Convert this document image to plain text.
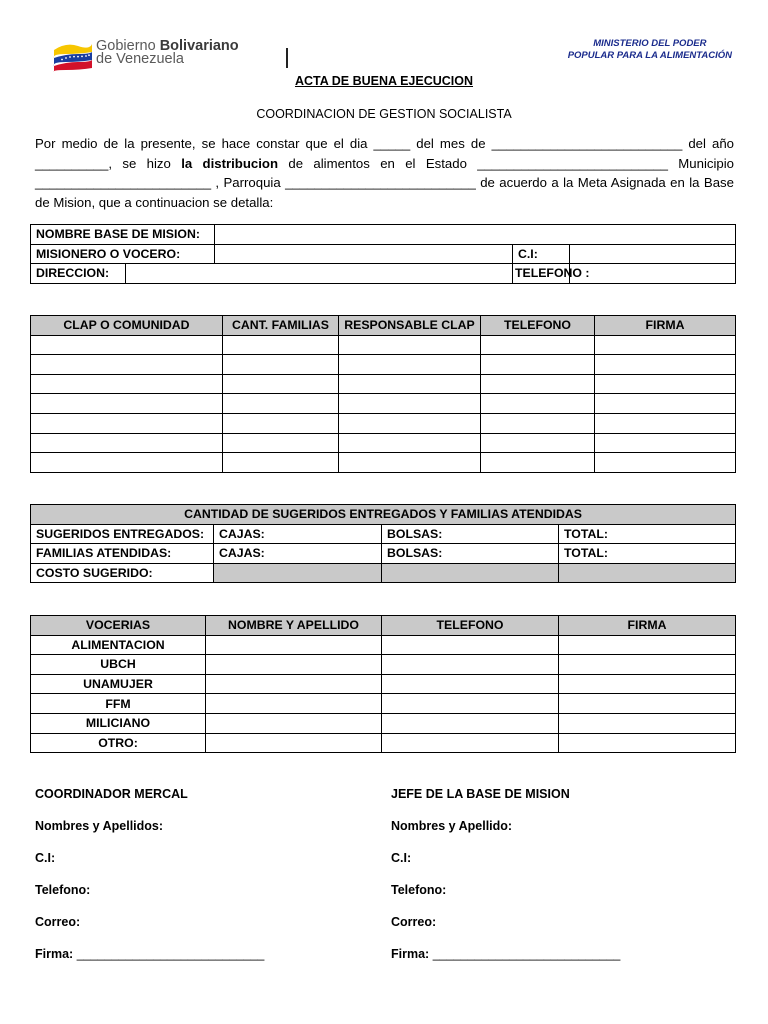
Gobierno Bolivariano
de Venezuela
MINISTERIO DEL PODER
POPULAR PARA LA ALIMENTACIÓN
ACTA DE BUENA EJECUCION
COORDINACION DE GESTION SOCIALISTA
Por medio de la presente, se hace constar que el dia _____ del mes de __________________________ del año __________, se hizo la distribucion de alimentos en el Estado __________________________ Municipio ________________________ , Parroquia __________________________ de acuerdo a la Meta Asignada en la Base de Mision, que a continuacion se detalla:
NOMBRE BASE DE MISION:				
MISIONERO O VOCERO:			C.I:	
DIRECCION:			TELEFONO :	
CLAP O COMUNIDAD	CANT. FAMILIAS	RESPONSABLE CLAP	TELEFONO	FIRMA

CANTIDAD DE SUGERIDOS ENTREGADOS Y FAMILIAS ATENDIDAS			
SUGERIDOS ENTREGADOS:	CAJAS:	BOLSAS:	TOTAL:
FAMILIAS ATENDIDAS:	CAJAS:	BOLSAS:	TOTAL:
COSTO SUGERIDO:			
VOCERIAS	NOMBRE Y APELLIDO	TELEFONO	FIRMA
ALIMENTACION			
UBCH			
UNAMUJER			
FFM			
MILICIANO			
OTRO:			
COORDINADOR MERCAL
Nombres y Apellidos:
C.I:
Telefono:
Correo:
Firma: ___________________________
JEFE DE LA BASE DE MISION
Nombres y Apellido:
C.I:
Telefono:
Correo:
Firma: ___________________________
